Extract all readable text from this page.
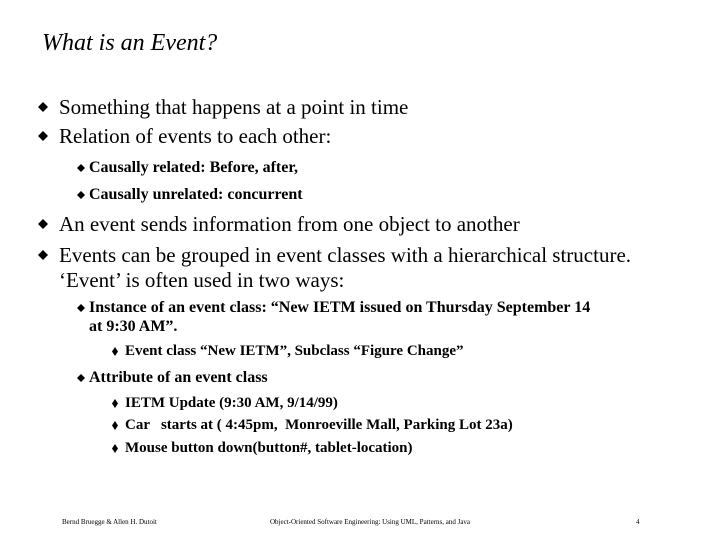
What is an Event?
Something that happens at a point in time
Relation of events to each other:
Causally related: Before, after,
Causally unrelated: concurrent
An event sends information from one object to another
Events can be grouped in event classes with a hierarchical structure. ‘Event’ is often used in two ways:
Instance of an event class: “New IETM issued on Thursday September 14 at 9:30 AM”.
Event class “New IETM”, Subclass “Figure Change”
Attribute of an event class
IETM Update (9:30 AM, 9/14/99)
Car   starts at ( 4:45pm,  Monroeville Mall, Parking Lot 23a)
Mouse button down(button#, tablet-location)
Bernd Bruegge & Allen H. Dutoit	Object-Oriented Software Engineering: Using UML, Patterns, and Java	4
